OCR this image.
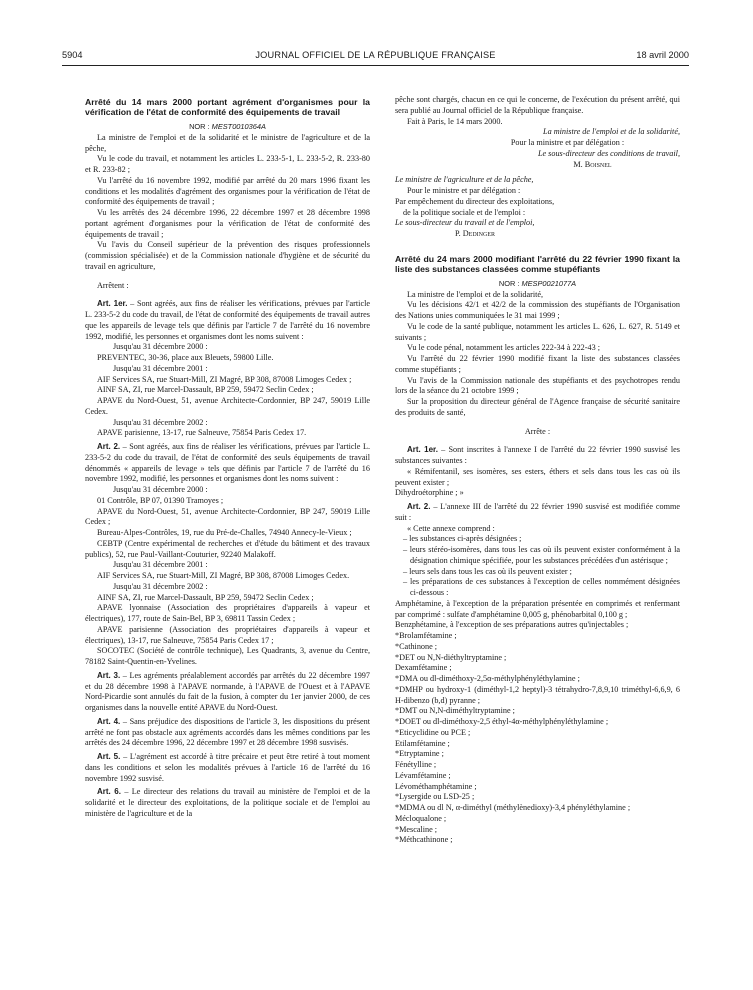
5904	JOURNAL OFFICIEL DE LA RÉPUBLIQUE FRANÇAISE	18 avril 2000
Arrêté du 14 mars 2000 portant agrément d'organismes pour la vérification de l'état de conformité des équipements de travail

NOR : MEST0010364A

La ministre de l'emploi et de la solidarité et le ministre de l'agriculture et de la pêche,

Vu le code du travail, et notamment les articles L. 233-5-1, L. 233-5-2, R. 233-80 et R. 233-82 ;

Vu l'arrêté du 16 novembre 1992, modifié par arrêté du 20 mars 1996 fixant les conditions et les modalités d'agrément des organismes pour la vérification de l'état de conformité des équipements de travail ;

Vu les arrêtés des 24 décembre 1996, 22 décembre 1997 et 28 décembre 1998 portant agrément d'organismes pour la vérification de l'état de conformité des équipements de travail ;

Vu l'avis du Conseil supérieur de la prévention des risques professionnels (commission spécialisée) et de la Commission nationale d'hygiène et de sécurité du travail en agriculture,

Arrêtent :

Art. 1er. – Sont agréés, aux fins de réaliser les vérifications, prévues par l'article L. 233-5-2 du code du travail, de l'état de conformité des équipements de travail autres que les appareils de levage tels que définis par l'article 7 de l'arrêté du 16 novembre 1992, modifié, les personnes et organismes dont les noms suivent :

Jusqu'au 31 décembre 2000 :

PREVENTEC, 30-36, place aux Bleuets, 59800 Lille.

Jusqu'au 31 décembre 2001 :

AIF Services SA, rue Stuart-Mill, ZI Magré, BP 308, 87008 Limoges Cedex ;

AINF SA, ZI, rue Marcel-Dassault, BP 259, 59472 Seclin Cedex ;

APAVE du Nord-Ouest, 51, avenue Architecte-Cordonnier, BP 247, 59019 Lille Cedex.

Jusqu'au 31 décembre 2002 :

APAVE parisienne, 13-17, rue Salneuve, 75854 Paris Cedex 17.

Art. 2. – Sont agréés, aux fins de réaliser les vérifications, prévues par l'article L. 233-5-2 du code du travail, de l'état de conformité des seuls équipements de travail dénommés « appareils de levage » tels que définis par l'article 7 de l'arrêté du 16 novembre 1992, modifié, les personnes et organismes dont les noms suivent :

Jusqu'au 31 décembre 2000 :

01 Contrôle, BP 07, 01390 Tramoyes ;

APAVE du Nord-Ouest, 51, avenue Architecte-Cordonnier, BP 247, 59019 Lille Cedex ;

Bureau-Alpes-Contrôles, 19, rue du Pré-de-Challes, 74940 Annecy-le-Vieux ;

CEBTP (Centre expérimental de recherches et d'étude du bâtiment et des travaux publics), 52, rue Paul-Vaillant-Couturier, 92240 Malakoff.

Jusqu'au 31 décembre 2001 :

AIF Services SA, rue Stuart-Mill, ZI Magré, BP 308, 87008 Limoges Cedex.

Jusqu'au 31 décembre 2002 :

AINF SA, ZI, rue Marcel-Dassault, BP 259, 59472 Seclin Cedex ;

APAVE lyonnaise (Association des propriétaires d'appareils à vapeur et électriques), 177, route de Sain-Bel, BP 3, 69811 Tassin Cedex ;

APAVE parisienne (Association des propriétaires d'appareils à vapeur et électriques), 13-17, rue Salneuve, 75854 Paris Cedex 17 ;

SOCOTEC (Société de contrôle technique), Les Quadrants, 3, avenue du Centre, 78182 Saint-Quentin-en-Yvelines.

Art. 3. – Les agréments préalablement accordés par arrêtés du 22 décembre 1997 et du 28 décembre 1998 à l'APAVE normande, à l'APAVE de l'Ouest et à l'APAVE Nord-Picardie sont annulés du fait de la fusion, à compter du 1er janvier 2000, de ces organismes dans la nouvelle entité APAVE du Nord-Ouest.

Art. 4. – Sans préjudice des dispositions de l'article 3, les dispositions du présent arrêté ne font pas obstacle aux agréments accordés dans les mêmes conditions par les arrêtés des 24 décembre 1996, 22 décembre 1997 et 28 décembre 1998 susvisés.

Art. 5. – L'agrément est accordé à titre précaire et peut être retiré à tout moment dans les conditions et selon les modalités prévues à l'article 16 de l'arrêté du 16 novembre 1992 susvisé.

Art. 6. – Le directeur des relations du travail au ministère de l'emploi et de la solidarité et le directeur des exploitations, de la politique sociale et de l'emploi au ministère de l'agriculture et de la

pêche sont chargés, chacun en ce qui le concerne, de l'exécution du présent arrêté, qui sera publié au Journal officiel de la République française.

Fait à Paris, le 14 mars 2000.

La ministre de l'emploi et de la solidarité,

Pour la ministre et par délégation :

Le sous-directeur des conditions de travail,

M. Boisnel

Le ministre de l'agriculture et de la pêche,

Pour le ministre et par délégation :

Par empêchement du directeur des exploitations,

de la politique sociale et de l'emploi :

Le sous-directeur du travail et de l'emploi,

P. Dedinger

Arrêté du 24 mars 2000 modifiant l'arrêté du 22 février 1990 fixant la liste des substances classées comme stupéfiants

NOR : MESP0021077A

La ministre de l'emploi et de la solidarité,

Vu les décisions 42/1 et 42/2 de la commission des stupéfiants de l'Organisation des Nations unies communiquées le 31 mai 1999 ;

Vu le code de la santé publique, notamment les articles L. 626, L. 627, R. 5149 et suivants ;

Vu le code pénal, notamment les articles 222-34 à 222-43 ;

Vu l'arrêté du 22 février 1990 modifié fixant la liste des substances classées comme stupéfiants ;

Vu l'avis de la Commission nationale des stupéfiants et des psychotropes rendu lors de la séance du 21 octobre 1999 ;

Sur la proposition du directeur général de l'Agence française de sécurité sanitaire des produits de santé,

Arrête :

Art. 1er. – Sont inscrites à l'annexe I de l'arrêté du 22 février 1990 susvisé les substances suivantes :

« Rémifentanil, ses isomères, ses esters, éthers et sels dans tous les cas où ils peuvent exister ;

Dihydroétorphine ; »

Art. 2. – L'annexe III de l'arrêté du 22 février 1990 susvisé est modifiée comme suit :

« Cette annexe comprend :

– les substances ci-après désignées ;

– leurs stéréo-isomères, dans tous les cas où ils peuvent exister conformément à la désignation chimique spécifiée, pour les substances précédées d'un astérisque ;

– leurs sels dans tous les cas où ils peuvent exister ;

– les préparations de ces substances à l'exception de celles nommément désignées ci-dessous :

Amphétamine, à l'exception de la préparation présentée en comprimés et renfermant par comprimé : sulfate d'amphétamine 0,005 g, phénobarbital 0,100 g ;

Benzphétamine, à l'exception de ses préparations autres qu'injectables ;

*Brolamfétamine ;

*Cathinone ;

*DET ou N,N-diéthyltryptamine ;

Dexamfétamine ;

*DMA ou dl-diméthoxy-2,5α-méthylphényléthylamine ;

*DMHP ou hydroxy-1 (diméthyl-1,2 heptyl)-3 tétrahydro-7,8,9,10 triméthyl-6,6,9, 6 H-dibenzo (b,d) pyranne ;

*DMT ou N,N-diméthyltryptamine ;

*DOET ou dl-diméthoxy-2,5 éthyl-4α-méthylphényléthylamine ;

*Eticyclidine ou PCE ;

Etilamfétamine ;

*Etryptamine ;

Fénétylline ;

Lévamfétamine ;

Lévométhamphétamine ;

*Lysergide ou LSD-25 ;

*MDMA ou dl N, α-diméthyl (méthylènedioxy)-3,4 phényléthylamine ;

Mécloqualone ;

*Mescaline ;

*Méthcathinone ;
